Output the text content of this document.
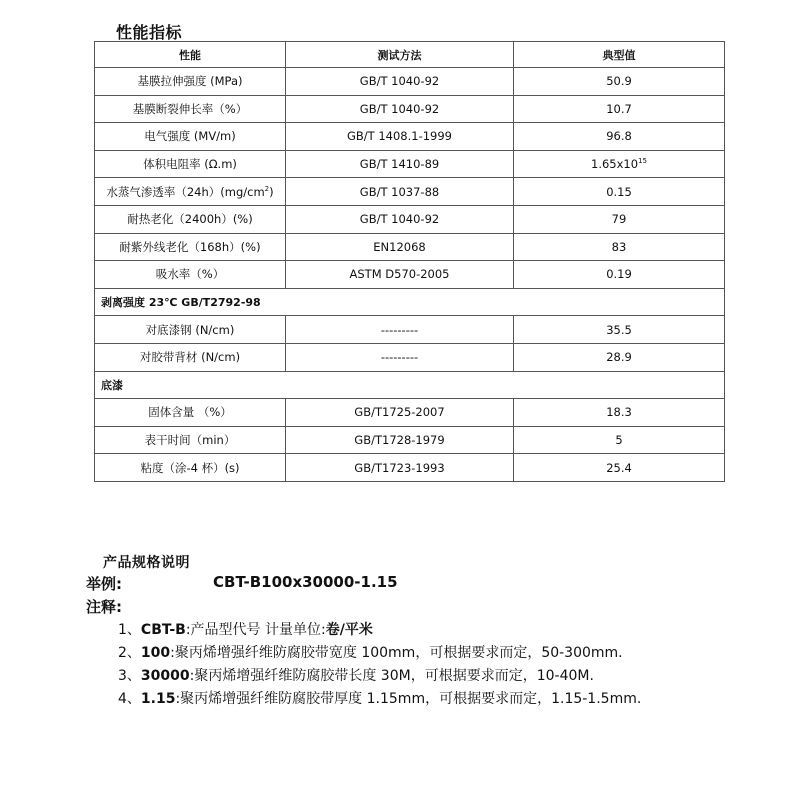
性能指标
性能	测试方法	典型值
基膜拉伸强度 (MPa)	GB/T 1040-92	50.9
基膜断裂伸长率（%）	GB/T 1040-92	10.7
电气强度 (MV/m)	GB/T 1408.1-1999	96.8
体积电阻率 (Ω.m)	GB/T 1410-89	$1.65x10^{15}$
水蒸气渗透率$(24h)(mg/cm^2)$	GB/T 1037-88	0.15
耐热老化（2400h）(%)	GB/T 1040-92	79
耐紫外线老化（168h）(%)	EN12068	83
吸水率（%）	ASTM D570-2005	0.19
剥离强度 23℃ GB/T2792-98		
对底漆钢 (N/cm)	---------	35.5
对胶带背材 (N/cm)	---------	28.9
底漆		
固体含量 （%）	GB/T1725-2007	18.3
表干时间（min）	GB/T1728-1979	5
粘度（涂-4 杯）(s)	GB/T1723-1993	25.4
产品规格说明
举例:	CBT-B100x30000-1.15
注释:
1、CBT-B:产品型代号 计量单位:卷/平米
2、100:聚丙烯增强纤维防腐胶带宽度 100mm，可根据要求而定，50-300mm.
3、30000:聚丙烯增强纤维防腐胶带长度 30M，可根据要求而定，10-40M.
4、1.15:聚丙烯增强纤维防腐胶带厚度 1.15mm，可根据要求而定，1.15-1.5mm.
